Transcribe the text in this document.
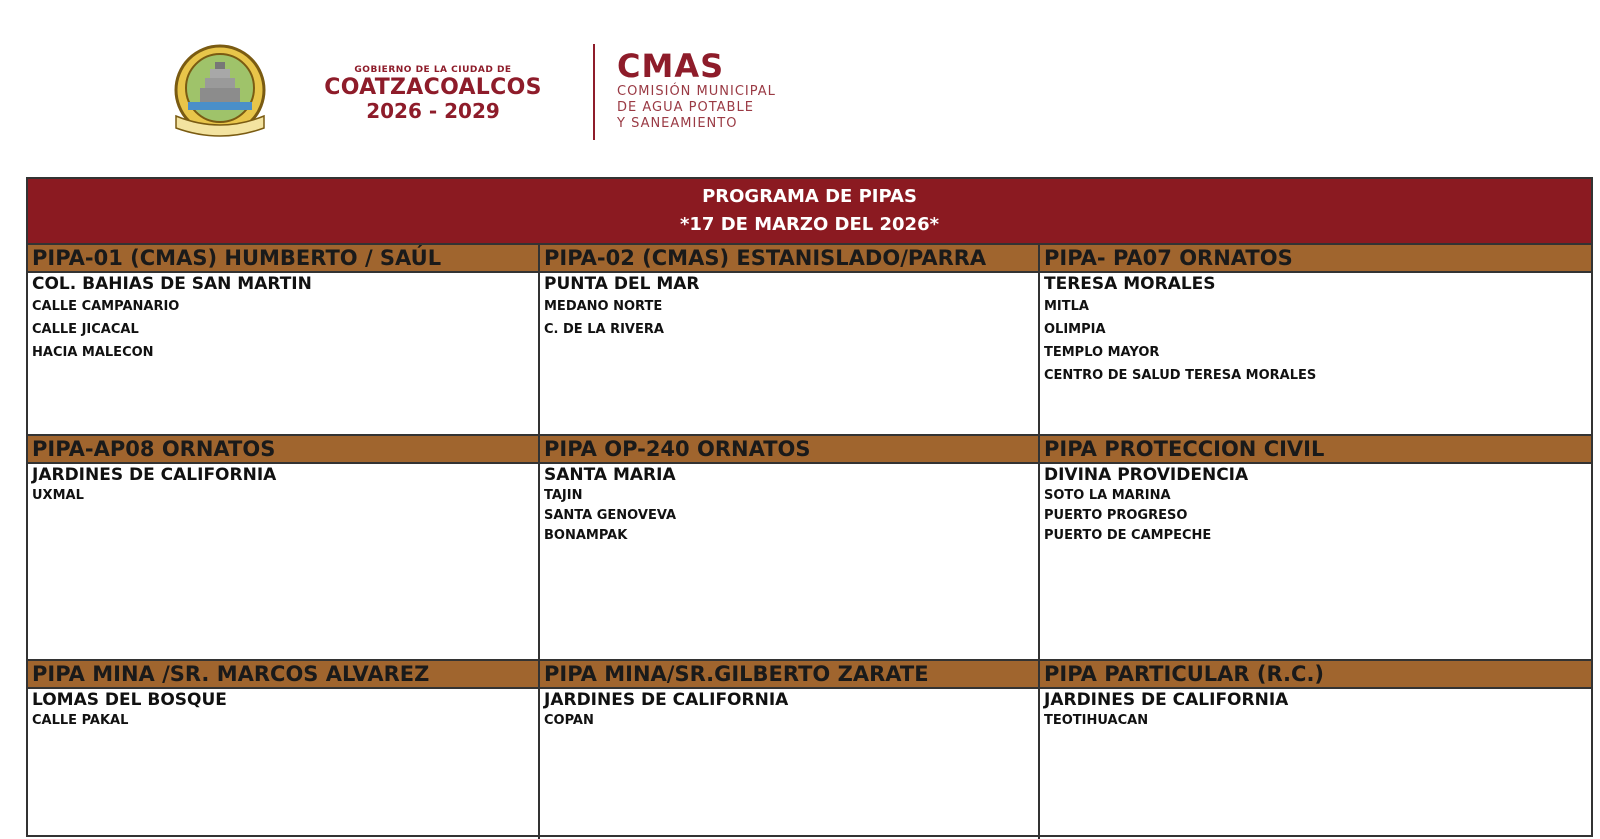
GOBIERNO DE LA CIUDAD DE
COATZACOALCOS
2026 - 2029
CMAS
COMISIÓN MUNICIPAL
DE AGUA POTABLE
Y SANEAMIENTO
PROGRAMA DE PIPAS
*17 DE MARZO DEL 2026*
PIPA-01 (CMAS) HUMBERTO / SAÚL
COL. BAHIAS DE SAN MARTIN
CALLE CAMPANARIO
CALLE JICACAL
HACIA MALECON
PIPA-02 (CMAS) ESTANISLADO/PARRA
PUNTA DEL MAR
MEDANO NORTE
C. DE LA RIVERA
PIPA- PA07 ORNATOS
TERESA MORALES
MITLA
OLIMPIA
TEMPLO MAYOR
CENTRO DE SALUD TERESA MORALES
PIPA-AP08 ORNATOS
JARDINES DE CALIFORNIA
UXMAL
PIPA OP-240 ORNATOS
SANTA MARIA
TAJIN
SANTA GENOVEVA
BONAMPAK
PIPA PROTECCION CIVIL
DIVINA PROVIDENCIA
SOTO LA MARINA
PUERTO PROGRESO
PUERTO DE CAMPECHE
PIPA MINA /SR. MARCOS ALVAREZ
LOMAS DEL BOSQUE
CALLE PAKAL
PIPA MINA/SR.GILBERTO ZARATE
JARDINES DE CALIFORNIA
COPAN
PIPA PARTICULAR (R.C.)
JARDINES DE CALIFORNIA
TEOTIHUACAN
